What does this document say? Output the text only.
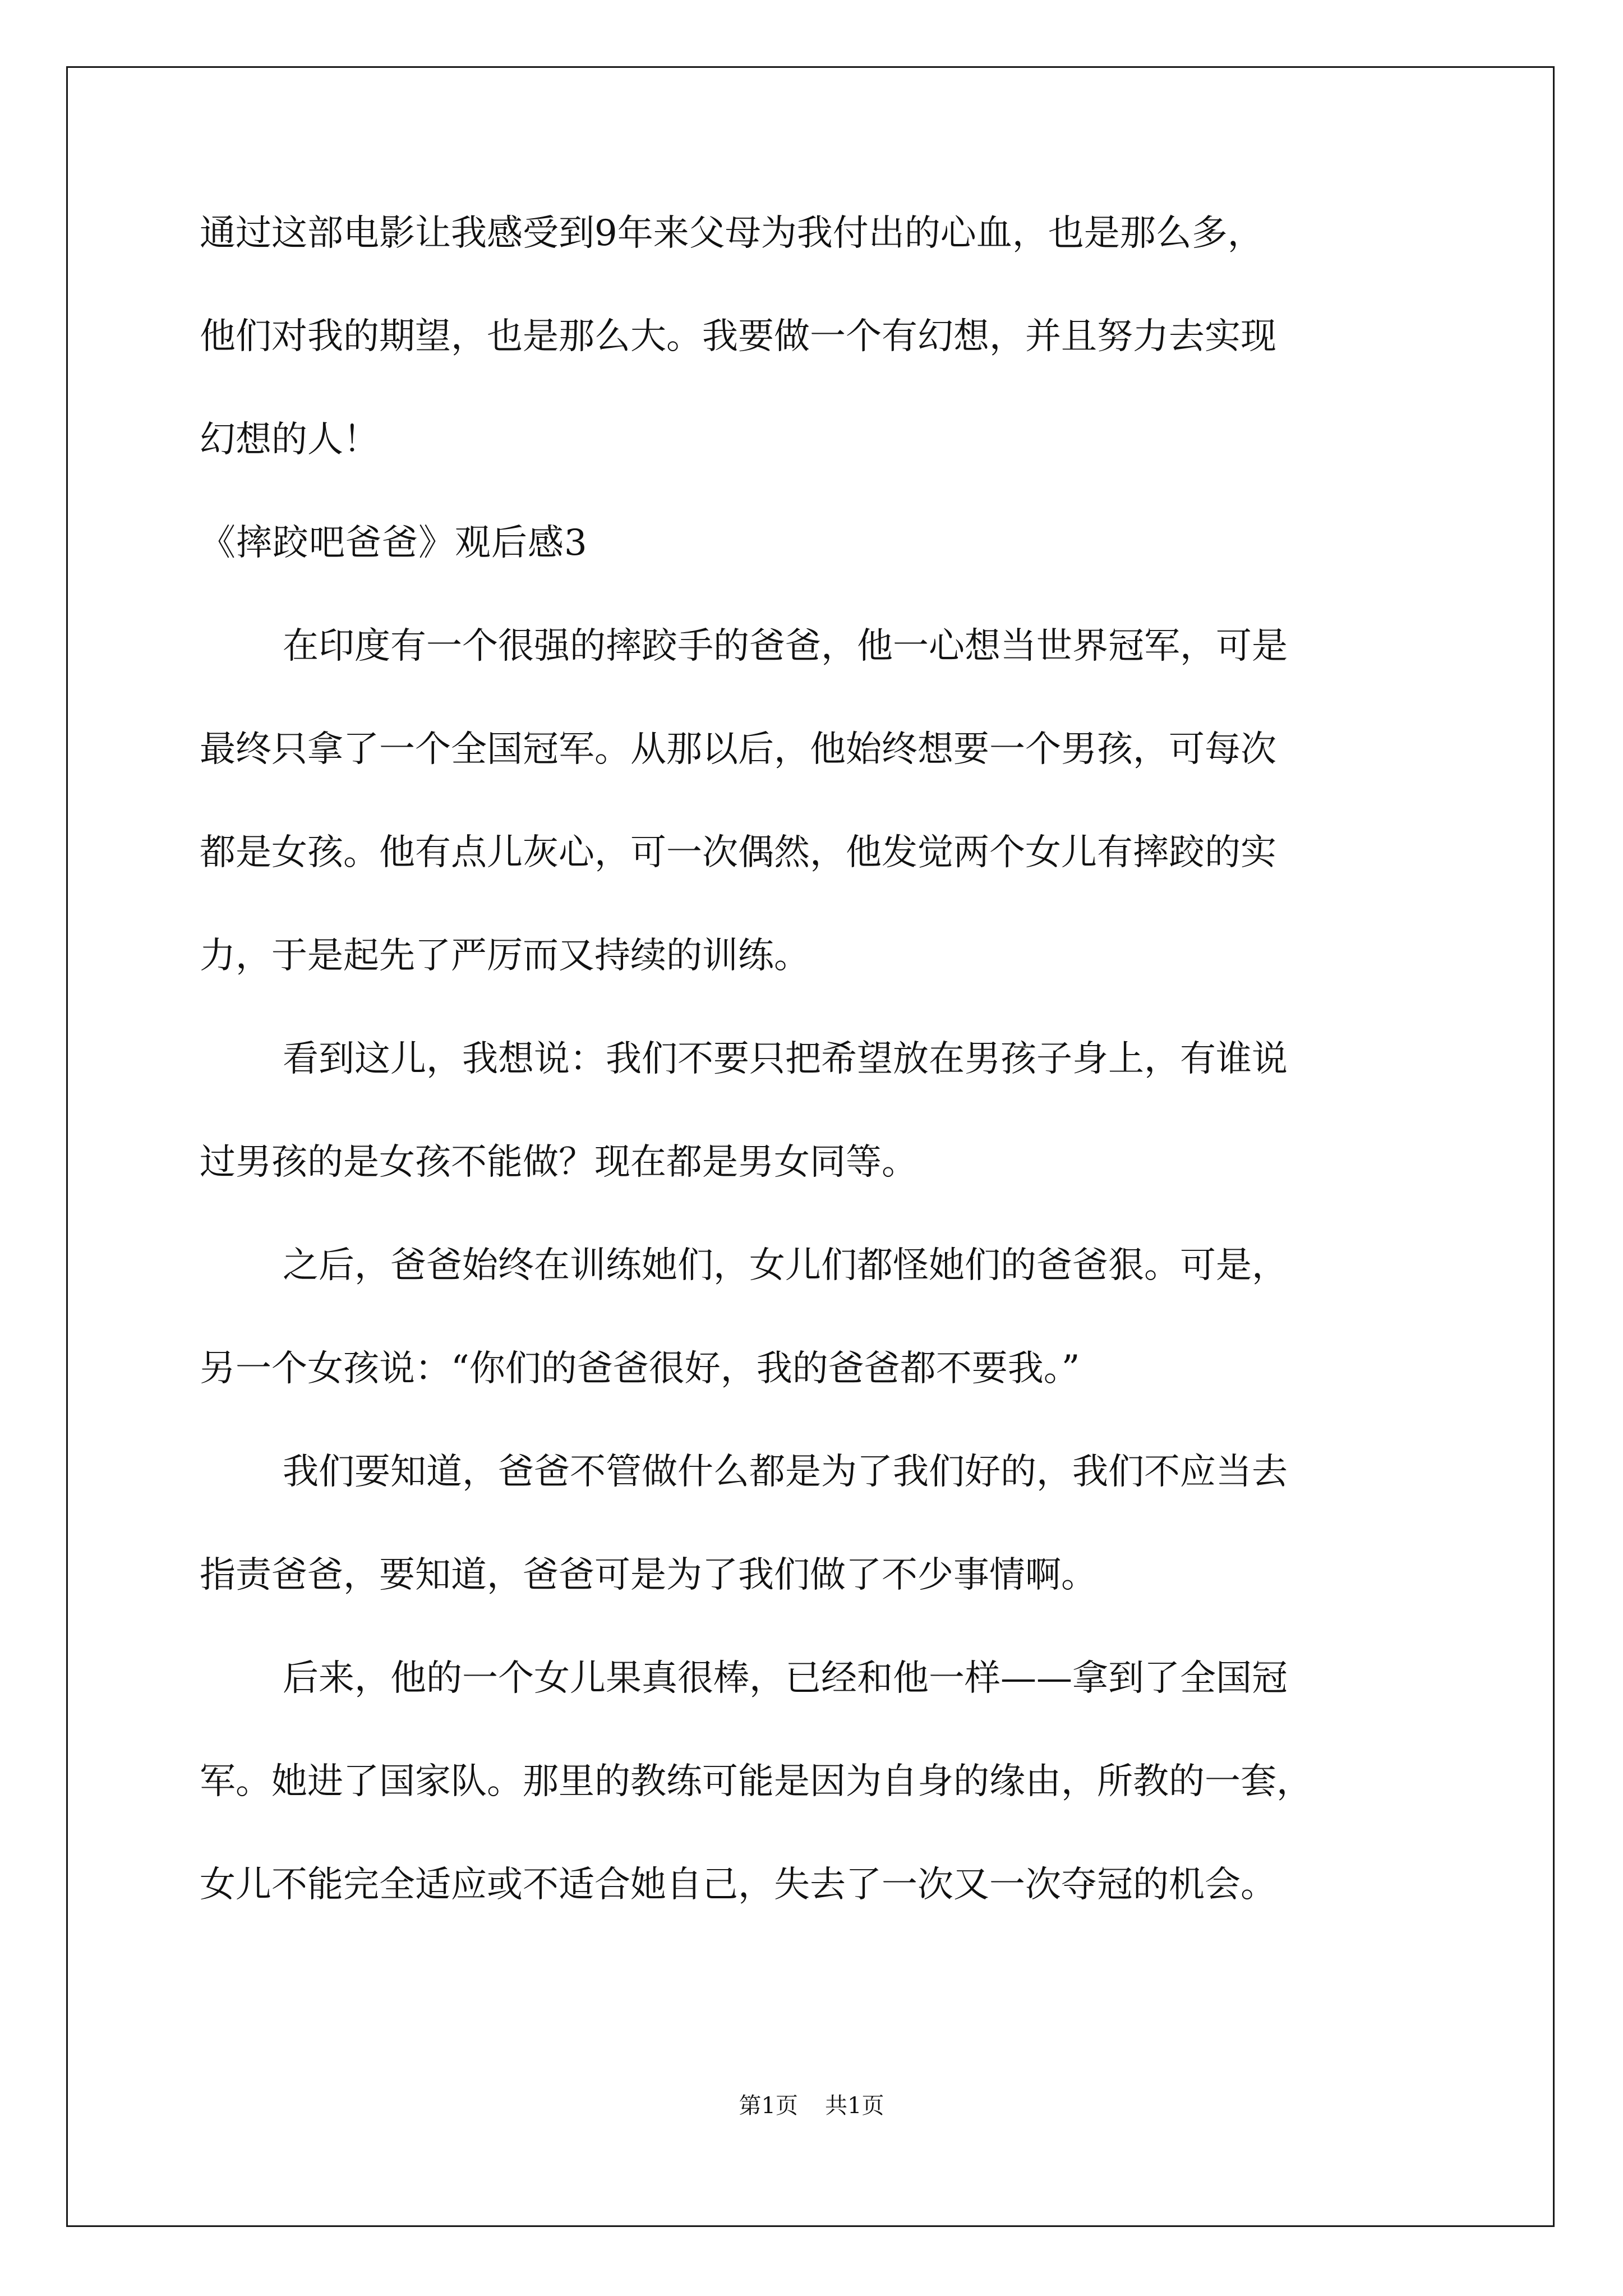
通过这部电影让我感受到9年来父母为我付出的心血，也是那么多，
他们对我的期望，也是那么大。我要做一个有幻想，并且努力去实现
幻想的人！
《摔跤吧爸爸》观后感3
在印度有一个很强的摔跤手的爸爸，他一心想当世界冠军，可是
最终只拿了一个全国冠军。从那以后，他始终想要一个男孩，可每次
都是女孩。他有点儿灰心，可一次偶然，他发觉两个女儿有摔跤的实
力，于是起先了严厉而又持续的训练。
看到这儿，我想说：我们不要只把希望放在男孩子身上，有谁说
过男孩的是女孩不能做？现在都是男女同等。
之后，爸爸始终在训练她们，女儿们都怪她们的爸爸狠。可是，
另一个女孩说：“你们的爸爸很好，我的爸爸都不要我。”
我们要知道，爸爸不管做什么都是为了我们好的，我们不应当去
指责爸爸，要知道，爸爸可是为了我们做了不少事情啊。
后来，他的一个女儿果真很棒，已经和他一样——拿到了全国冠
军。她进了国家队。那里的教练可能是因为自身的缘由，所教的一套，
女儿不能完全适应或不适合她自己，失去了一次又一次夺冠的机会。
第1页 共1页
